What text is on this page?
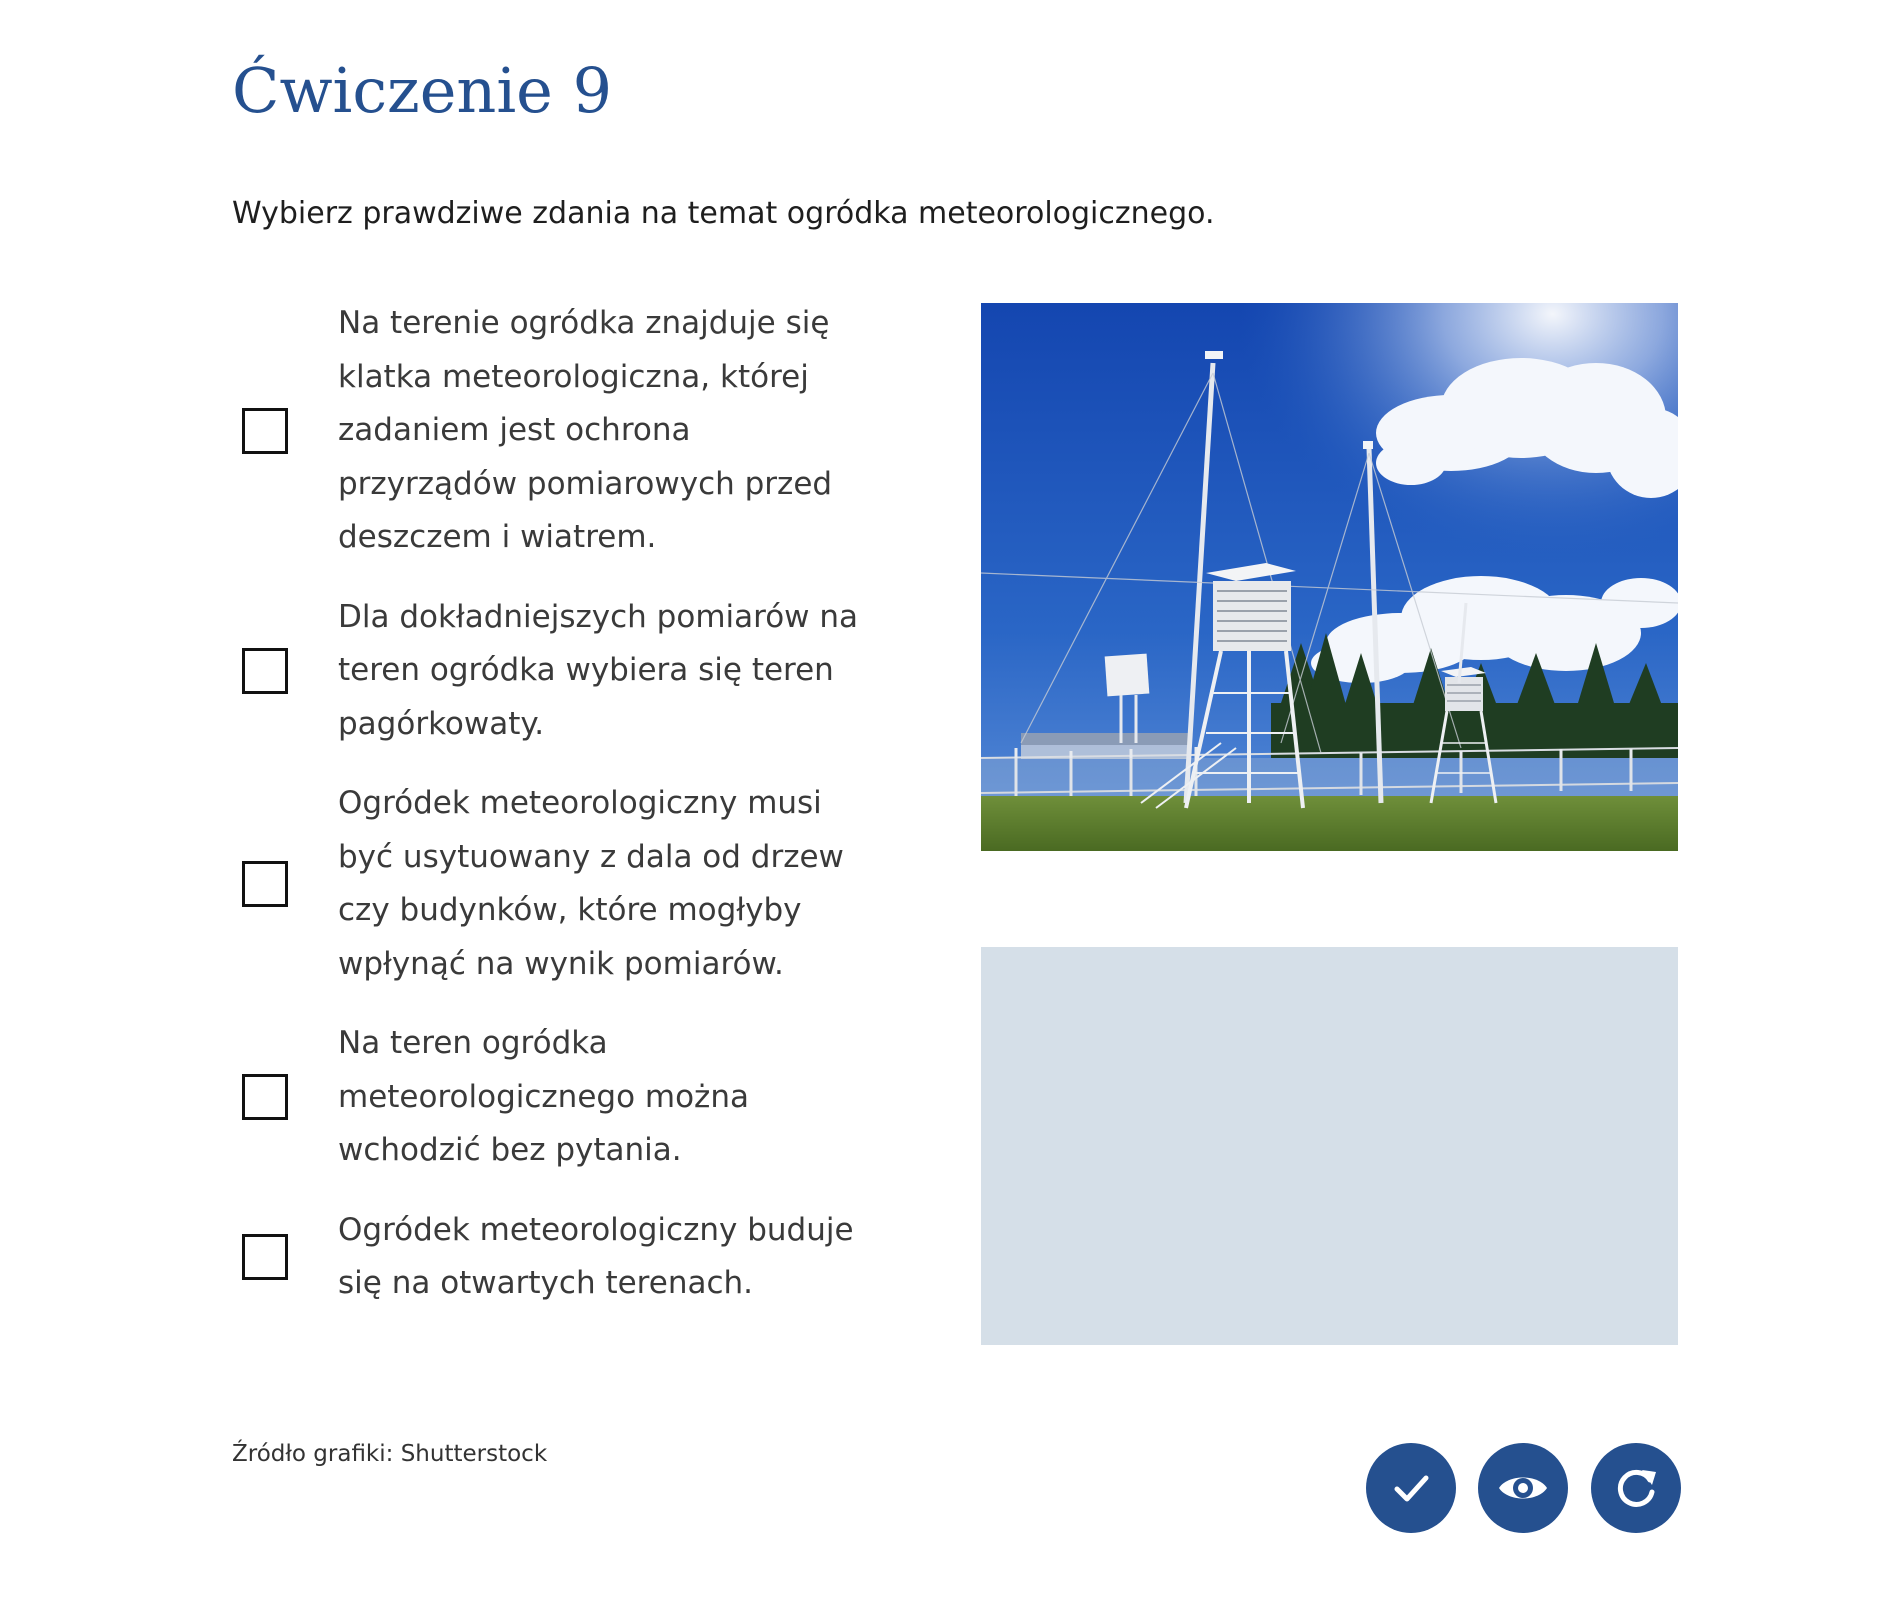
Ćwiczenie 9

Wybierz prawdziwe zdania na temat ogródka meteorologicznego.

Na terenie ogródka znajduje się klatka meteorologiczna, której zadaniem jest ochrona przyrządów pomiarowych przed deszczem i wiatrem.
Dla dokładniejszych pomiarów na teren ogródka wybiera się teren pagórkowaty.
Ogródek meteorologiczny musi być usytuowany z dala od drzew czy budynków, które mogłyby wpłynąć na wynik pomiarów.
Na teren ogródka meteorologicznego można wchodzić bez pytania.
Ogródek meteorologiczny buduje się na otwartych terenach.

Źródło grafiki: Shutterstock
